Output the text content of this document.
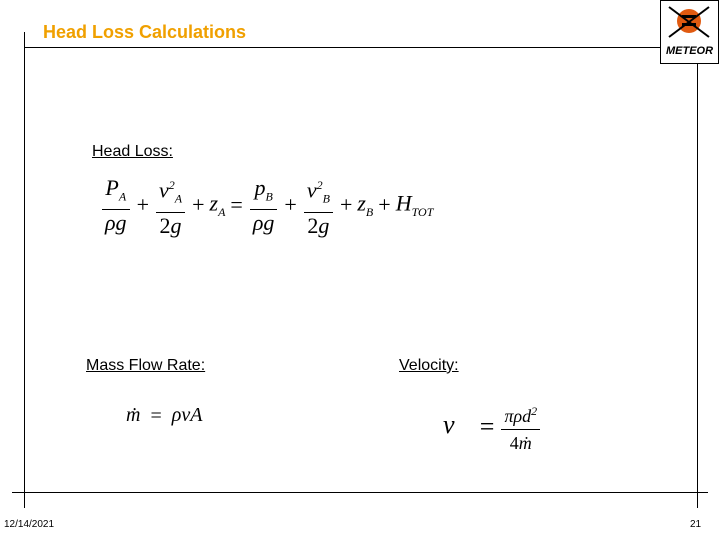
Head Loss Calculations
METEOR
Head Loss:
$\frac{P_A}{\rho g} + \frac{v^2_A}{2g} + z_A = \frac{p_B}{\rho g} + \frac{v^2_B}{2g} + z_B + H_{TOT}$
Mass Flow Rate:
ṁ = ρvA
Velocity:
v⃗ = $\frac{\pi\rho d^2}{\text{4ṁ}}$
12/14/2021	21
